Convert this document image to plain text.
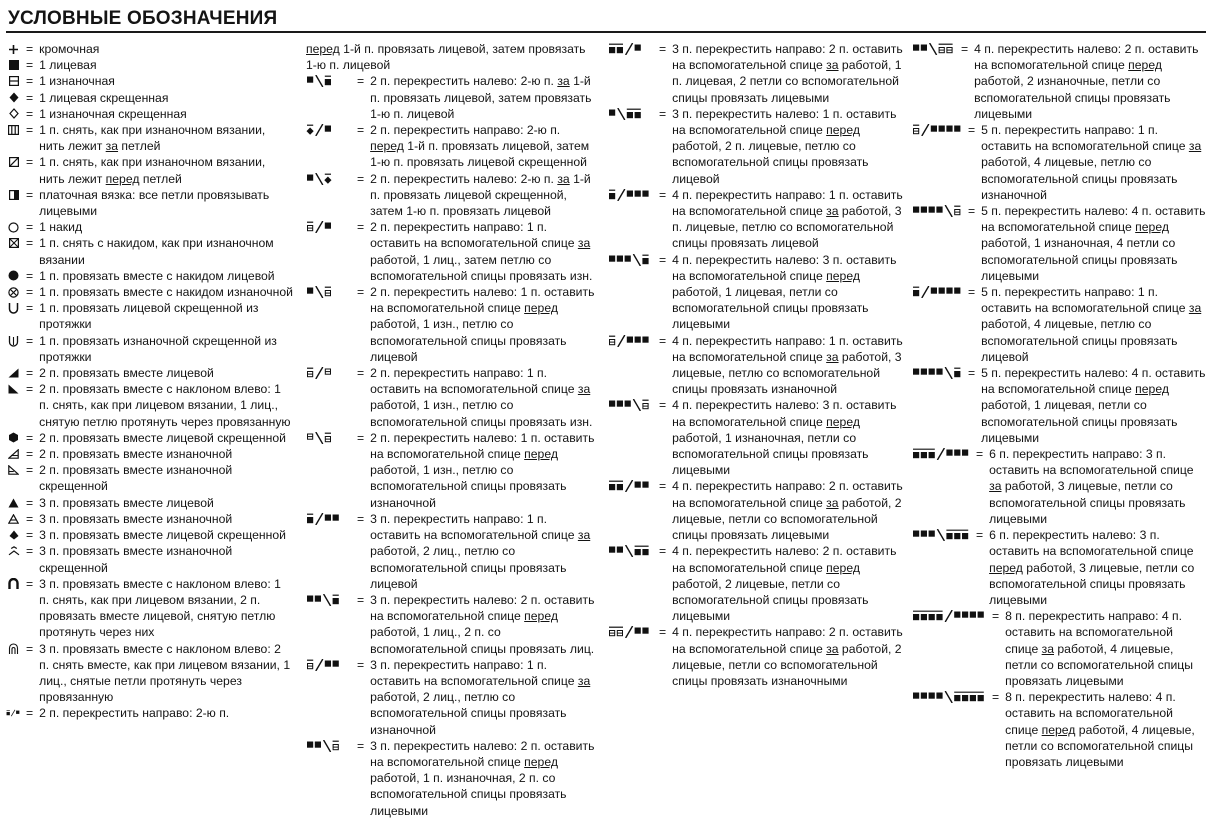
УСЛОВНЫЕ ОБОЗНАЧЕНИЯ
= кромочная
= 1 лицевая
= 1 изнаночная
= 1 лицевая скрещенная
= 1 изнаночная скрещенная
= 1 п. снять, как при изнаночном вязании, нить лежит за петлей
= 1 п. снять, как при изнаночном вязании, нить лежит перед петлей
= платочная вязка: все петли провязывать лицевыми
= 1 накид
= 1 п. снять с накидом, как при изнаночном вязании
= 1 п. провязать вместе с накидом лицевой
= 1 п. провязать вместе с накидом изнаночной
= 1 п. провязать лицевой скрещенной из протяжки
= 1 п. провязать изнаночной скрещенной из протяжки
= 2 п. провязать вместе лицевой
= 2 п. провязать вместе с наклоном влево: 1 п. снять, как при лицевом вязании, 1 лиц., снятую петлю протянуть через провязанную
= 2 п. провязать вместе лицевой скрещенной
= 2 п. провязать вместе изнаночной
= 2 п. провязать вместе изнаночной скрещенной
= 3 п. провязать вместе лицевой
= 3 п. провязать вместе изнаночной
= 3 п. провязать вместе лицевой скрещенной
= 3 п. провязать вместе изнаночной скрещенной
= 3 п. провязать вместе с наклоном влево: 1 п. снять, как при лицевом вязании, 2 п. провязать вместе лицевой, снятую петлю протянуть через них
= 3 п. провязать вместе с наклоном влево: 2 п. снять вместе, как при лицевом вязании, 1 лиц., снятые петли протянуть через провязанную
= 2 п. перекрестить направо: 2-ю п.
перед 1-й п. провязать лицевой, затем провязать 1-ю п. лицевой
= 2 п. перекрестить налево: 2-ю п. за 1-й п. провязать лицевой, затем провязать 1-ю п. лицевой
= 2 п. перекрестить направо: 2-ю п. перед 1-й п. провязать лицевой, затем 1-ю п. провязать лицевой скрещенной
= 2 п. перекрестить налево: 2-ю п. за 1-й п. провязать лицевой скрещенной, затем 1-ю п. провязать лицевой
= 2 п. перекрестить направо: 1 п. оставить на вспомогательной спице за работой, 1 лиц., затем петлю со вспомогательной спицы провязать изн.
= 2 п. перекрестить налево: 1 п. оставить на вспомогательной спице перед работой, 1 изн., петлю со вспомогательной спицы провязать лицевой
= 2 п. перекрестить направо: 1 п. оставить на вспомогательной спице за работой, 1 изн., петлю со вспомогательной спицы провязать изн.
= 2 п. перекрестить налево: 1 п. оставить на вспомогательной спице перед работой, 1 изн., петлю со вспомогательной спицы провязать изнаночной
= 3 п. перекрестить направо: 1 п. оставить на вспомогательной спице за работой, 2 лиц., петлю со вспомогательной спицы провязать лицевой
= 3 п. перекрестить налево: 2 п. оставить на вспомогательной спице перед работой, 1 лиц., 2 п. со вспомогательной спицы провязать лиц.
= 3 п. перекрестить направо: 1 п. оставить на вспомогательной спице за работой, 2 лиц., петлю со вспомогательной спицы провязать изнаночной
= 3 п. перекрестить налево: 2 п. оставить на вспомогательной спице перед работой, 1 п. изнаночная, 2 п. со вспомогательной спицы провязать лицевыми
= 3 п. перекрестить направо: 2 п. оставить на вспомогательной спице за работой, 1 п. лицевая, 2 петли со вспомогательной спицы провязать лицевыми
= 3 п. перекрестить налево: 1 п. оставить на вспомогательной спице перед работой, 2 п. лицевые, петлю со вспомогательной спицы провязать лицевой
= 4 п. перекрестить направо: 1 п. оставить на вспомогательной спице за работой, 3 п. лицевые, петлю со вспомогательной спицы провязать лицевой
= 4 п. перекрестить налево: 3 п. оставить на вспомогательной спице перед работой, 1 лицевая, петли со вспомогательной спицы провязать лицевыми
= 4 п. перекрестить направо: 1 п. оставить на вспомогательной спице за работой, 3 лицевые, петлю со вспомогательной спицы провязать изнаночной
= 4 п. перекрестить налево: 3 п. оставить на вспомогательной спице перед работой, 1 изнаночная, петли со вспомогательной спицы провязать лицевыми
= 4 п. перекрестить направо: 2 п. оставить на вспомогательной спице за работой, 2 лицевые, петли со вспомогательной спицы провязать лицевыми
= 4 п. перекрестить налево: 2 п. оставить на вспомогательной спице перед работой, 2 лицевые, петли со вспомогательной спицы провязать лицевыми
= 4 п. перекрестить направо: 2 п. оставить на вспомогательной спице за работой, 2 лицевые, петли со вспомогательной спицы провязать изнаночными
= 4 п. перекрестить налево: 2 п. оставить на вспомогательной спице перед работой, 2 изнаночные, петли со вспомогательной спицы провязать лицевыми
= 5 п. перекрестить направо: 1 п. оставить на вспомогательной спице за работой, 4 лицевые, петлю со вспомогательной спицы провязать изнаночной
= 5 п. перекрестить налево: 4 п. оставить на вспомогательной спице перед работой, 1 изнаночная, 4 петли со вспомогательной спицы провязать лицевыми
= 5 п. перекрестить направо: 1 п. оставить на вспомогательной спице за работой, 4 лицевые, петлю со вспомогательной спицы провязать лицевой
= 5 п. перекрестить налево: 4 п. оставить на вспомогательной спице перед работой, 1 лицевая, петли со вспомогательной спицы провязать лицевыми
= 6 п. перекрестить направо: 3 п. оставить на вспомогательной спице за работой, 3 лицевые, петли со вспомогательной спицы провязать лицевыми
= 6 п. перекрестить налево: 3 п. оставить на вспомогательной спице перед работой, 3 лицевые, петли со вспомогательной спицы провязать лицевыми
= 8 п. перекрестить направо: 4 п. оставить на вспомогательной спице за работой, 4 лицевые, петли со вспомогательной спицы провязать лицевыми
= 8 п. перекрестить налево: 4 п. оставить на вспомогательной спице перед работой, 4 лицевые, петли со вспомогательной спицы провязать лицевыми
